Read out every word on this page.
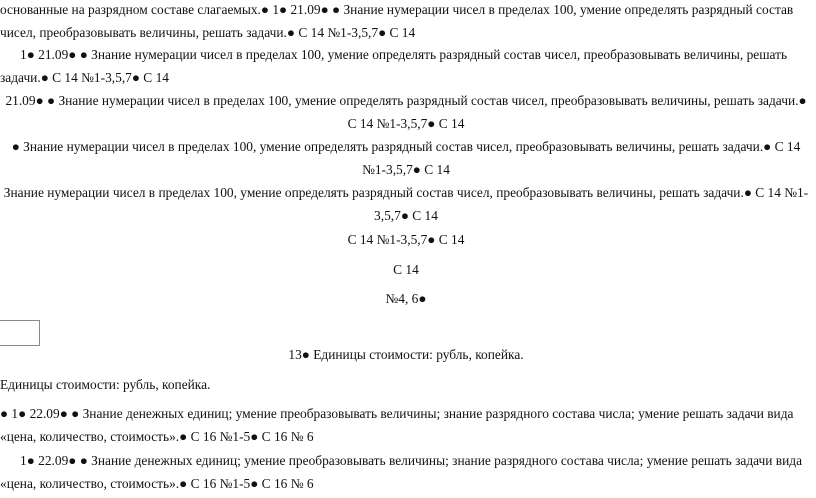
основанные на разрядном составе слагаемых.● 1● 21.09● ● Знание нумерации чисел в пределах 100, умение определять разрядный состав чисел, преобразовывать величины, решать задачи.● С 14 №1-3,5,7● С 14

1● 21.09● ● Знание нумерации чисел в пределах 100, умение определять разрядный состав чисел, преобразовывать величины, решать задачи.● С 14 №1-3,5,7● С 14

21.09● ● Знание нумерации чисел в пределах 100, умение определять разрядный состав чисел, преобразовывать величины, решать задачи.● С 14 №1-3,5,7● С 14

● Знание нумерации чисел в пределах 100, умение определять разрядный состав чисел, преобразовывать величины, решать задачи.● С 14 №1-3,5,7● С 14

Знание нумерации чисел в пределах 100, умение определять разрядный состав чисел, преобразовывать величины, решать задачи.● С 14 №1-3,5,7● С 14

С 14 №1-3,5,7● С 14

С 14

№4, 6●

13● Единицы стоимости: рубль, копейка.

Единицы стоимости: рубль, копейка.

● 1● 22.09● ● Знание денежных единиц; умение преобразовывать величины; знание разрядного состава числа; умение решать задачи вида «цена, количество, стоимость».● С 16 №1-5● С 16 № 6

1● 22.09● ● Знание денежных единиц; умение преобразовывать величины; знание разрядного состава числа; умение решать задачи вида «цена, количество, стоимость».● С 16 №1-5● С 16 № 6
